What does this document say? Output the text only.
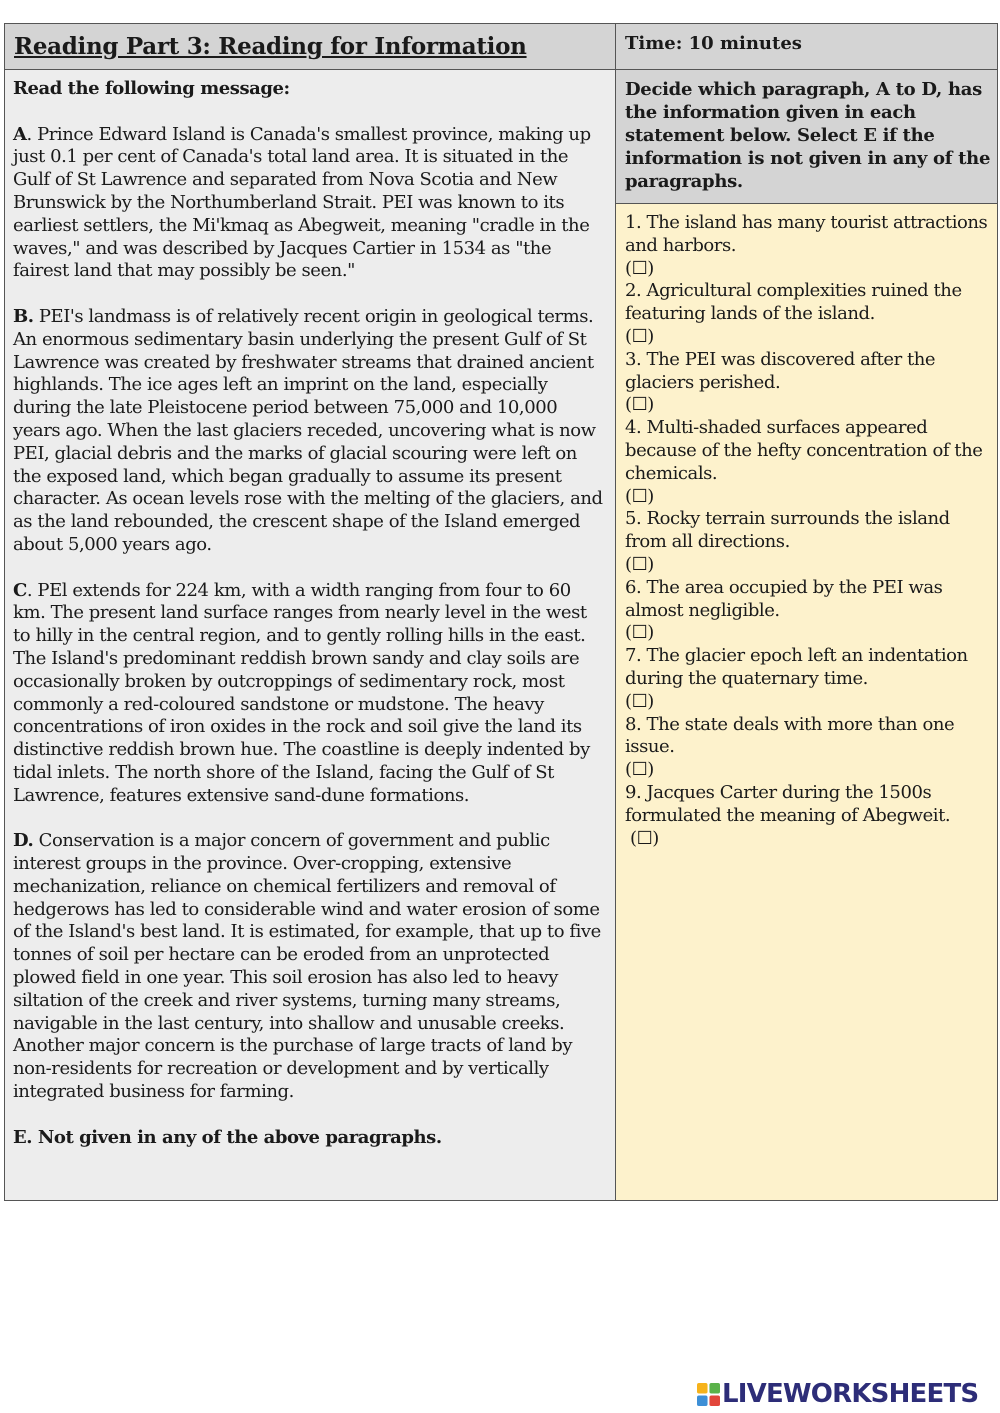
Reading Part 3: Reading for Information

Read the following message:

A. Prince Edward Island is Canada's smallest province, making up just 0.1 per cent of Canada's total land area. It is situated in the Gulf of St Lawrence and separated from Nova Scotia and New Brunswick by the Northumberland Strait. PEI was known to its earliest settlers, the Mi'kmaq as Abegweit, meaning "cradle in the waves," and was described by Jacques Cartier in 1534 as "the fairest land that may possibly be seen."

B. PEI's landmass is of relatively recent origin in geological terms. An enormous sedimentary basin underlying the present Gulf of St Lawrence was created by freshwater streams that drained ancient highlands. The ice ages left an imprint on the land, especially during the late Pleistocene period between 75,000 and 10,000 years ago. When the last glaciers receded, uncovering what is now PEI, glacial debris and the marks of glacial scouring were left on the exposed land, which began gradually to assume its present character. As ocean levels rose with the melting of the glaciers, and as the land rebounded, the crescent shape of the Island emerged about 5,000 years ago.

C. PEl extends for 224 km, with a width ranging from four to 60 km. The present land surface ranges from nearly level in the west to hilly in the central region, and to gently rolling hills in the east. The Island's predominant reddish brown sandy and clay soils are occasionally broken by outcroppings of sedimentary rock, most commonly a red-coloured sandstone or mudstone. The heavy concentrations of iron oxides in the rock and soil give the land its distinctive reddish brown hue. The coastline is deeply indented by tidal inlets. The north shore of the Island, facing the Gulf of St Lawrence, features extensive sand-dune formations.

D. Conservation is a major concern of government and public interest groups in the province. Over-cropping, extensive mechanization, reliance on chemical fertilizers and removal of hedgerows has led to considerable wind and water erosion of some of the Island's best land. It is estimated, for example, that up to five tonnes of soil per hectare can be eroded from an unprotected plowed field in one year. This soil erosion has also led to heavy siltation of the creek and river systems, turning many streams, navigable in the last century, into shallow and unusable creeks. Another major concern is the purchase of large tracts of land by non-residents for recreation or development and by vertically integrated business for farming.

E. Not given in any of the above paragraphs.

Time: 10 minutes
Decide which paragraph, A to D, has the information given in each statement below. Select E if the information is not given in any of the paragraphs.

1. The island has many tourist attractions and harbors.

(☐)

2. Agricultural complexities ruined the featuring lands of the island.

(☐)

3. The PEI was discovered after the glaciers perished.

(☐)

4. Multi-shaded surfaces appeared because of the hefty concentration of the chemicals.

(☐)

5. Rocky terrain surrounds the island from all directions.

(☐)

6. The area occupied by the PEI was almost negligible.

(☐)

7. The glacier epoch left an indentation during the quaternary time.

(☐)

8. The state deals with more than one issue.

(☐)

9. Jacques Carter during the 1500s formulated the meaning of Abegweit.

(☐)
LIVEWORKSHEETS
